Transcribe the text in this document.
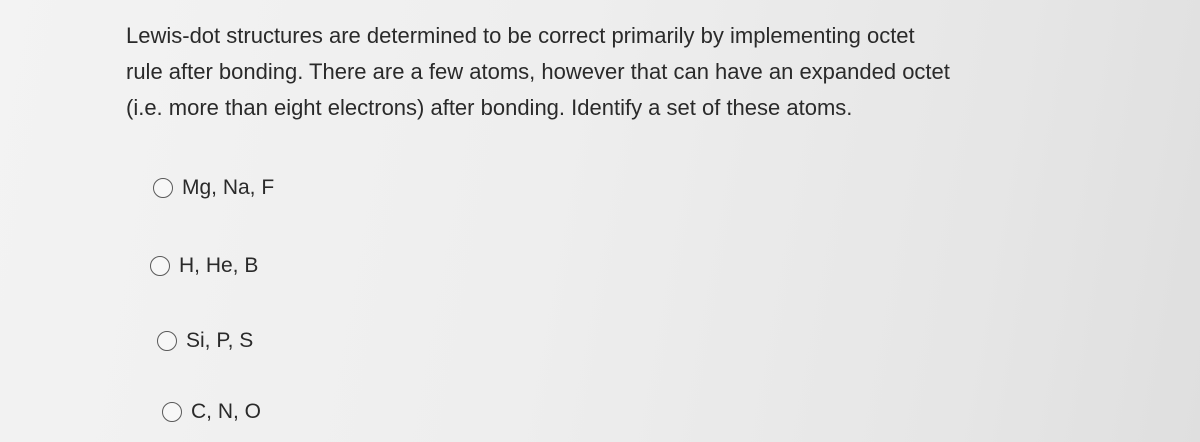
Lewis-dot structures are determined to be correct primarily by implementing octet
rule after bonding. There are a few atoms, however that can have an expanded octet
(i.e. more than eight electrons) after bonding. Identify a set of these atoms.

Mg, Na, F
H, He, B
Si, P, S
C, N, O
